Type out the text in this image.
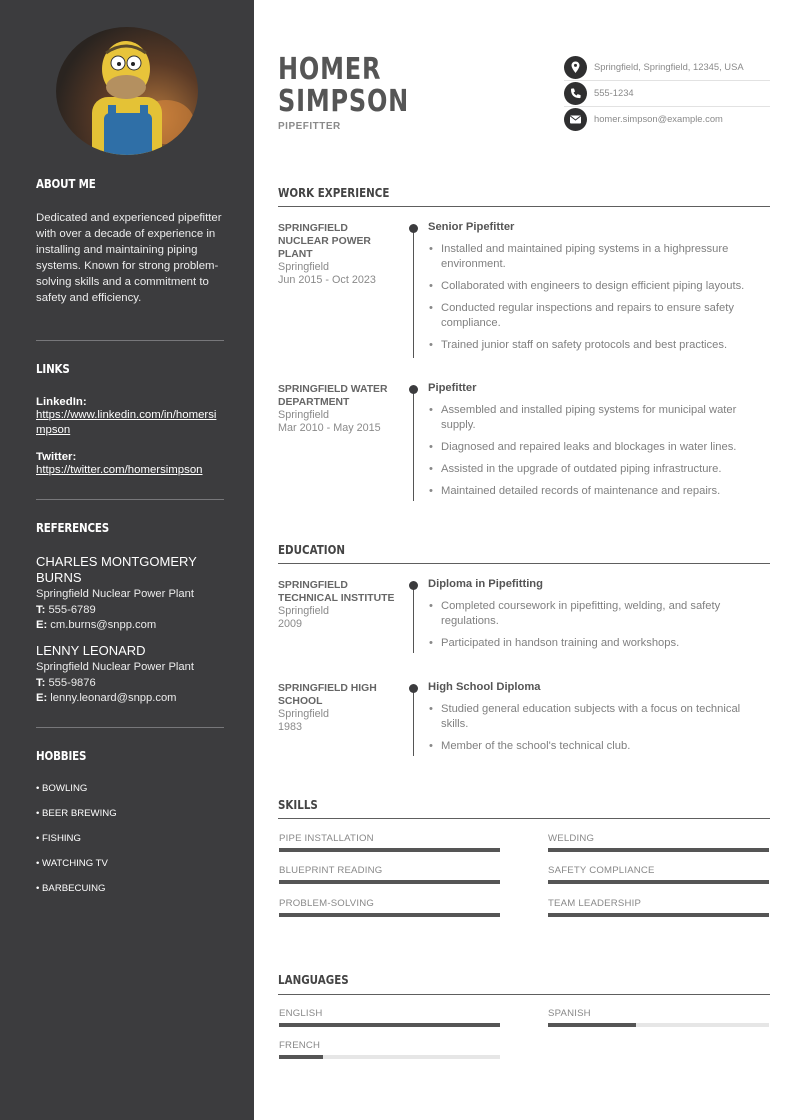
ABOUT ME
Dedicated and experienced pipefitter with over a decade of experience in installing and maintaining piping systems. Known for strong problem-solving skills and a commitment to safety and efficiency.
LINKS
LinkedIn:
https://www.linkedin.com/in/homersimpson
Twitter:
https://twitter.com/homersimpson
REFERENCES
CHARLES MONTGOMERY BURNS
Springfield Nuclear Power Plant
T: 555-6789
E: cm.burns@snpp.com
LENNY LEONARD
Springfield Nuclear Power Plant
T: 555-9876
E: lenny.leonard@snpp.com
HOBBIES
• BOWLING
• BEER BREWING
• FISHING
• WATCHING TV
• BARBECUING
HOMER
SIMPSON
PIPEFITTER
Springfield, Springfield, 12345, USA
555-1234
homer.simpson@example.com
WORK EXPERIENCE
SPRINGFIELD NUCLEAR POWER PLANT
Springfield
Jun 2015 - Oct 2023
Senior Pipefitter
• Installed and maintained piping systems in a highpressure environment.
• Collaborated with engineers to design efficient piping layouts.
• Conducted regular inspections and repairs to ensure safety compliance.
• Trained junior staff on safety protocols and best practices.
SPRINGFIELD WATER DEPARTMENT
Springfield
Mar 2010 - May 2015
Pipefitter
• Assembled and installed piping systems for municipal water supply.
• Diagnosed and repaired leaks and blockages in water lines.
• Assisted in the upgrade of outdated piping infrastructure.
• Maintained detailed records of maintenance and repairs.
EDUCATION
SPRINGFIELD TECHNICAL INSTITUTE
Springfield
2009
Diploma in Pipefitting
• Completed coursework in pipefitting, welding, and safety regulations.
• Participated in handson training and workshops.
SPRINGFIELD HIGH SCHOOL
Springfield
1983
High School Diploma
• Studied general education subjects with a focus on technical skills.
• Member of the school's technical club.
SKILLS
PIPE INSTALLATION	WELDING
BLUEPRINT READING	SAFETY COMPLIANCE
PROBLEM-SOLVING	TEAM LEADERSHIP
LANGUAGES
ENGLISH	SPANISH
FRENCH
